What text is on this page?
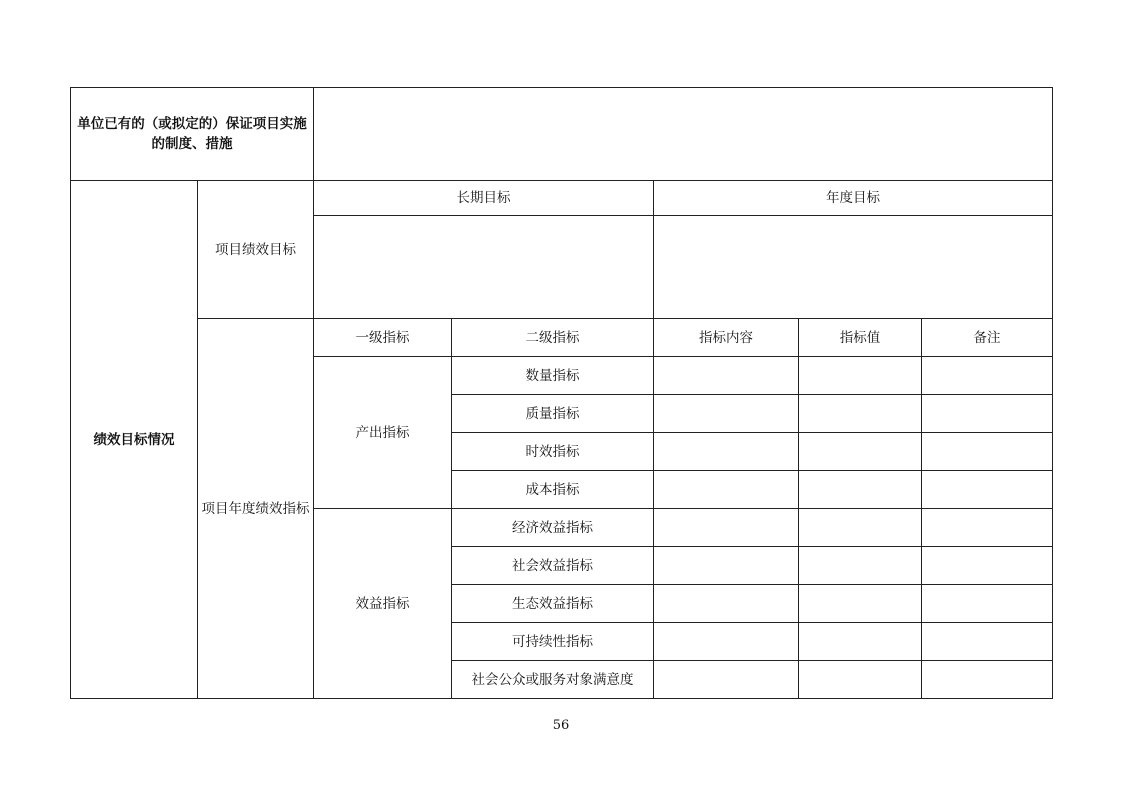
单位已有的（或拟定的）保证项目实施的制度、措施						
绩效目标情况	项目绩效目标	长期目标		年度目标		

	项目年度绩效指标	一级指标	二级指标	指标内容	指标值	备注
		产出指标	数量指标			
			质量指标			
			时效指标			
			成本指标			
		效益指标	经济效益指标			
			社会效益指标			
			生态效益指标			
			可持续性指标			
			社会公众或服务对象满意度			
56
